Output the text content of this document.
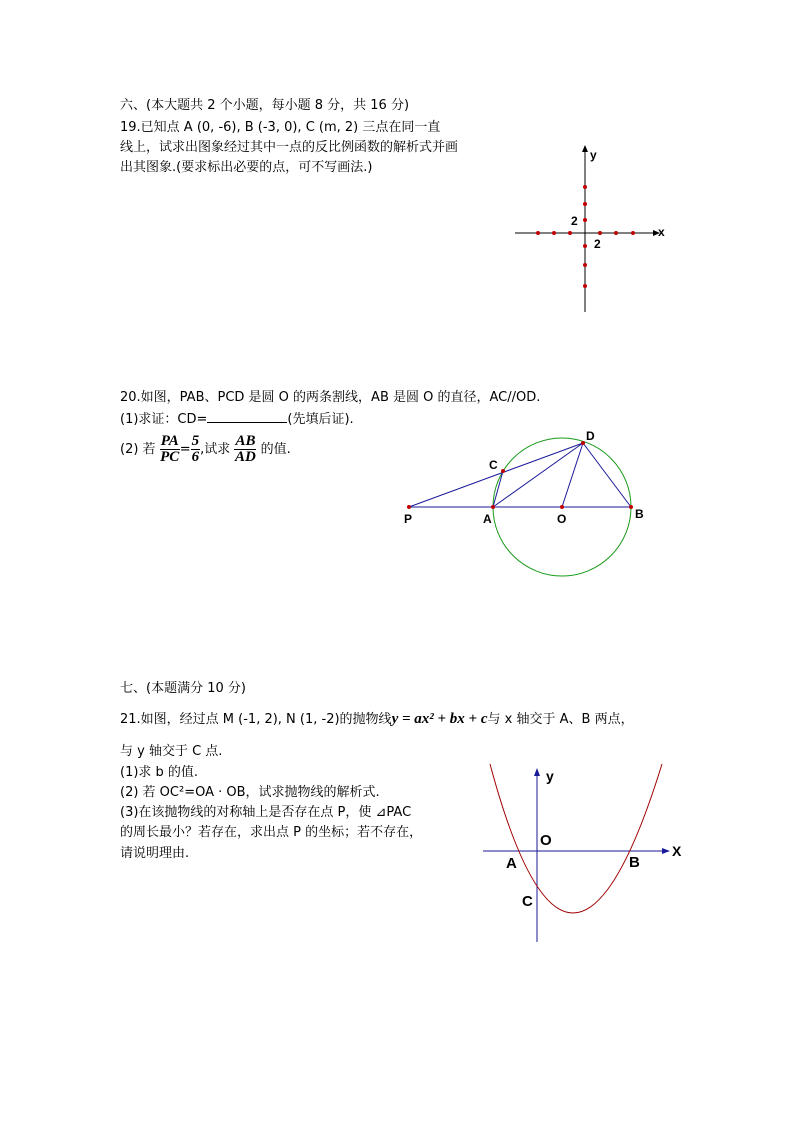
六、(本大题共 2 个小题，每小题 8 分，共 16 分)
19.已知点 A (0, -6), B (-3, 0), C (m, 2) 三点在同一直
线上，试求出图象经过其中一点的反比例函数的解析式并画
出其图象.(要求标出必要的点，可不写画法.)
x
y
2
2
P	A	O	B
C
D
X
y
O
A	B
C
20.如图，PAB、PCD 是圆 O 的两条割线，AB 是圆 O 的直径，AC//OD.
(1)求证：CD=	(先填后证).
(2) 若 $\frac{PA}{PC} = \frac{5}{6}$ ,试求 $\frac{AB}{AD}$ 的值.
七、(本题满分 10 分)
21.如图，经过点 M (-1, 2), N (1, -2)的抛物线y = ax² + bx + c与 x 轴交于 A、B 两点，
与 y 轴交于 C 点.
(1)求 b 的值.
(2) 若 OC²=OA · OB，试求抛物线的解析式.
(3)在该抛物线的对称轴上是否存在点 P，使 ⊿PAC
的周长最小？若存在，求出点 P 的坐标；若不存在，
请说明理由.
